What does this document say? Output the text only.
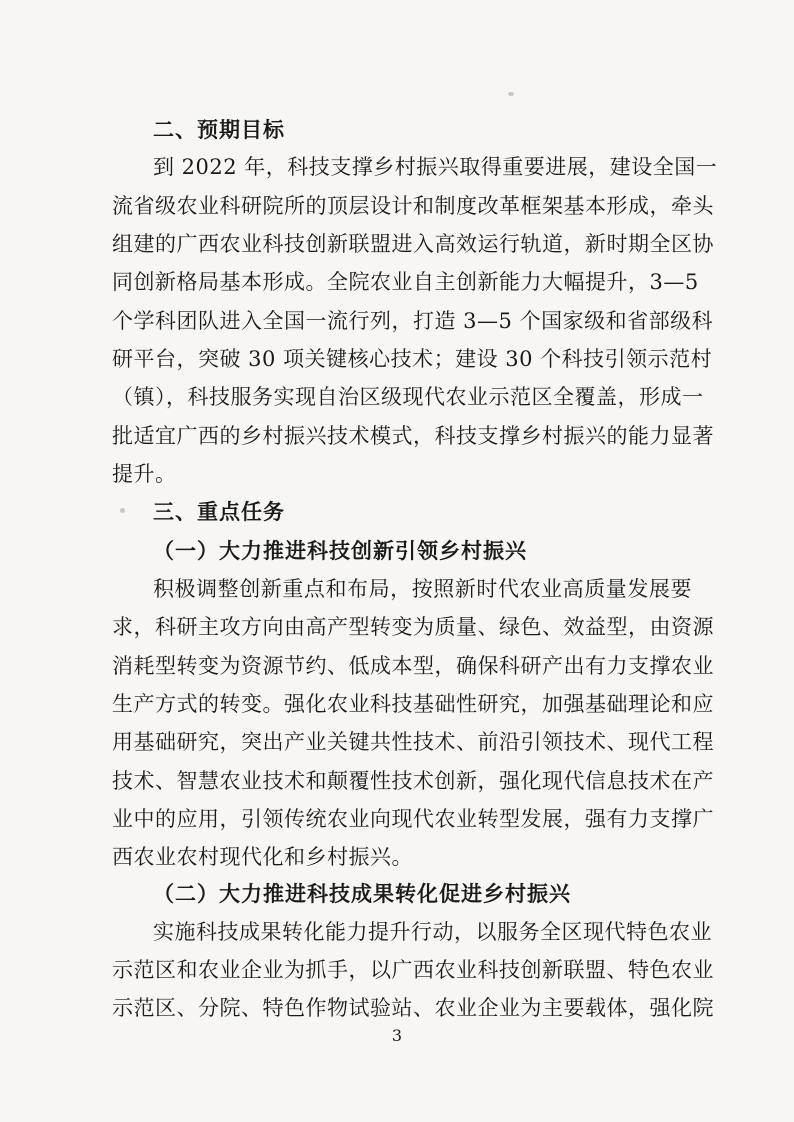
二、预期目标
到 2022 年，科技支撑乡村振兴取得重要进展，建设全国一
流省级农业科研院所的顶层设计和制度改革框架基本形成，牵头
组建的广西农业科技创新联盟进入高效运行轨道，新时期全区协
同创新格局基本形成。全院农业自主创新能力大幅提升，3—5
个学科团队进入全国一流行列，打造 3—5 个国家级和省部级科
研平台，突破 30 项关键核心技术；建设 30 个科技引领示范村
（镇），科技服务实现自治区级现代农业示范区全覆盖，形成一
批适宜广西的乡村振兴技术模式，科技支撑乡村振兴的能力显著
提升。
三、重点任务
（一）大力推进科技创新引领乡村振兴
积极调整创新重点和布局，按照新时代农业高质量发展要
求，科研主攻方向由高产型转变为质量、绿色、效益型，由资源
消耗型转变为资源节约、低成本型，确保科研产出有力支撑农业
生产方式的转变。强化农业科技基础性研究，加强基础理论和应
用基础研究，突出产业关键共性技术、前沿引领技术、现代工程
技术、智慧农业技术和颠覆性技术创新，强化现代信息技术在产
业中的应用，引领传统农业向现代农业转型发展，强有力支撑广
西农业农村现代化和乡村振兴。
（二）大力推进科技成果转化促进乡村振兴
实施科技成果转化能力提升行动，以服务全区现代特色农业
示范区和农业企业为抓手，以广西农业科技创新联盟、特色农业
示范区、分院、特色作物试验站、农业企业为主要载体，强化院
3
